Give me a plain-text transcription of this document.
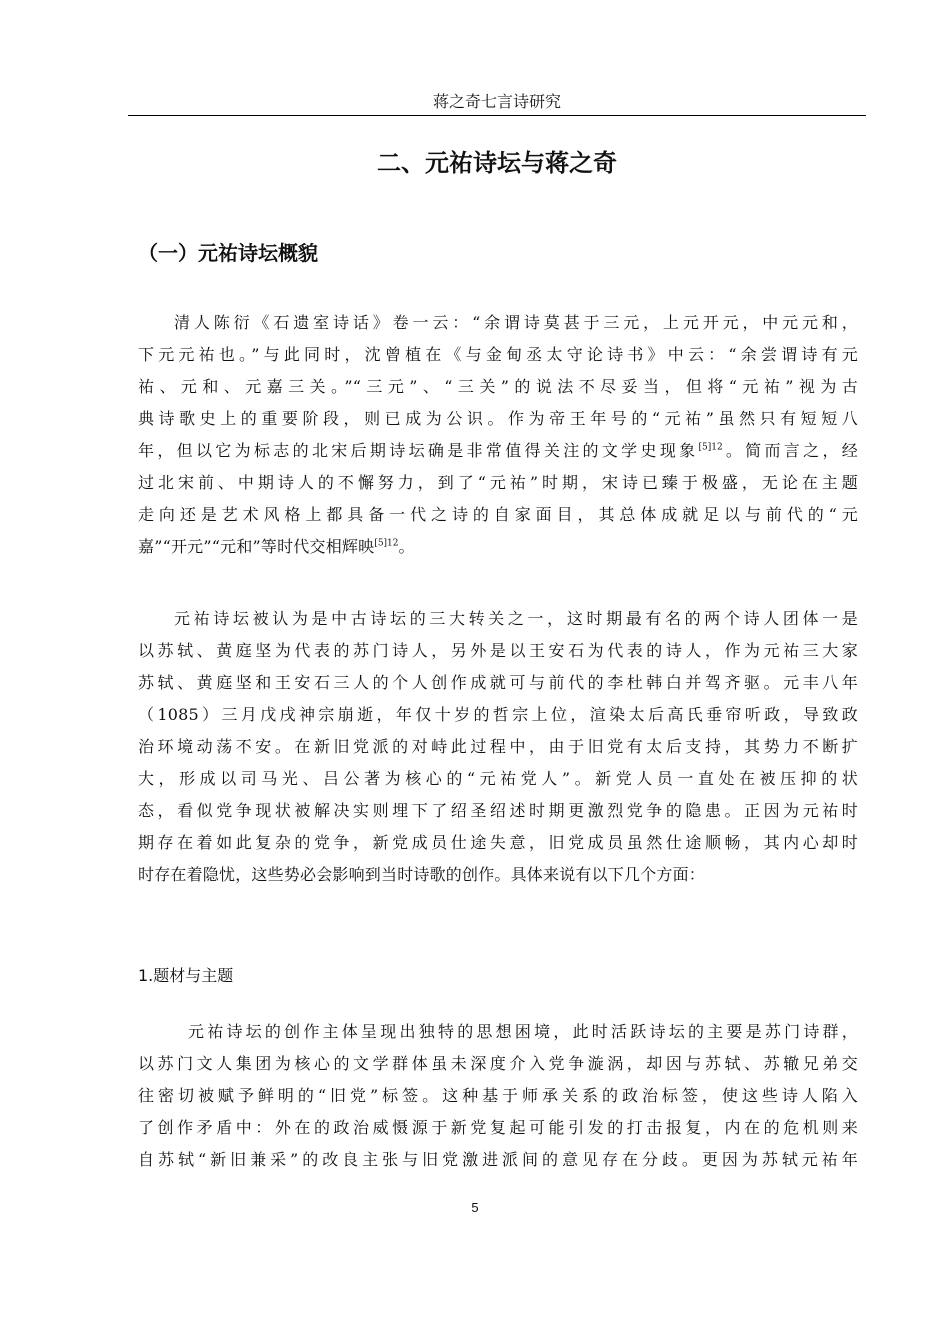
蒋之奇七言诗研究
二、元祐诗坛与蒋之奇
（一）元祐诗坛概貌
清人陈衍《石遗室诗话》卷一云：“余谓诗莫甚于三元，上元开元，中元元和，
下元元祐也。”与此同时，沈曾植在《与金甸丞太守论诗书》中云：“余尝谓诗有元
祐、元和、元嘉三关。”“三元”、“三关”的说法不尽妥当，但将“元祐”视为古
典诗歌史上的重要阶段，则已成为公识。作为帝王年号的“元祐”虽然只有短短八
年，但以它为标志的北宋后期诗坛确是非常值得关注的文学史现象$^{[5]12}$。简而言之，经
过北宋前、中期诗人的不懈努力，到了“元祐”时期，宋诗已臻于极盛，无论在主题
走向还是艺术风格上都具备一代之诗的自家面目，其总体成就足以与前代的“元
嘉”“开元”“元和”等时代交相辉映$^{[5]12}$。
元祐诗坛被认为是中古诗坛的三大转关之一，这时期最有名的两个诗人团体一是
以苏轼、黄庭坚为代表的苏门诗人，另外是以王安石为代表的诗人，作为元祐三大家
苏轼、黄庭坚和王安石三人的个人创作成就可与前代的李杜韩白并驾齐驱。元丰八年
（1085）三月戊戌神宗崩逝，年仅十岁的哲宗上位，渲染太后高氏垂帘听政，导致政
治环境动荡不安。在新旧党派的对峙此过程中，由于旧党有太后支持，其势力不断扩
大，形成以司马光、吕公著为核心的“元祐党人”。新党人员一直处在被压抑的状
态，看似党争现状被解决实则埋下了绍圣绍述时期更激烈党争的隐患。正因为元祐时
期存在着如此复杂的党争，新党成员仕途失意，旧党成员虽然仕途顺畅，其内心却时
时存在着隐忧，这些势必会影响到当时诗歌的创作。具体来说有以下几个方面：
1.题材与主题
元祐诗坛的创作主体呈现出独特的思想困境，此时活跃诗坛的主要是苏门诗群，
以苏门文人集团为核心的文学群体虽未深度介入党争漩涡，却因与苏轼、苏辙兄弟交
往密切被赋予鲜明的“旧党”标签。这种基于师承关系的政治标签，使这些诗人陷入
了创作矛盾中：外在的政治威慑源于新党复起可能引发的打击报复，内在的危机则来
自苏轼“新旧兼采”的改良主张与旧党激进派间的意见存在分歧。更因为苏轼元祐年
5
